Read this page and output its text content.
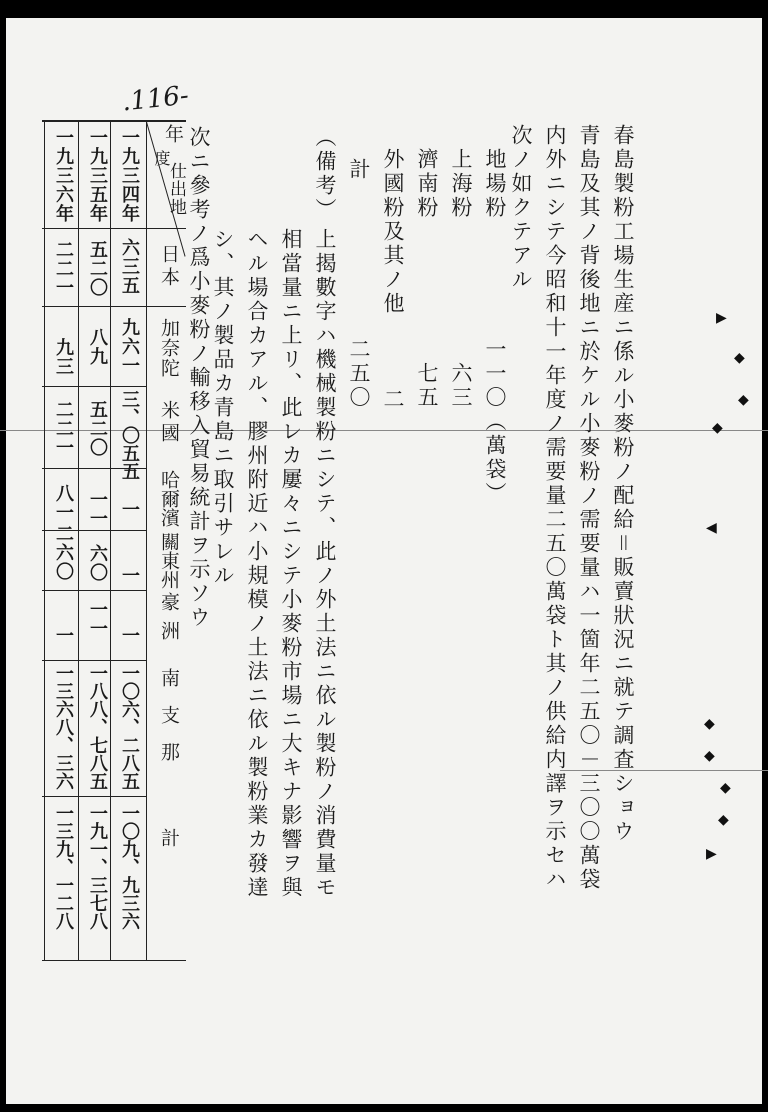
.116-
春島製粉工場生産ニ係ル小麥粉ノ配給＝販賣狀況ニ就テ調査ショウ
青島及其ノ背後地ニ於ケル小麥粉ノ需要量ハ一箇年二五〇－三〇〇萬袋
内外ニシテ今昭和十一年度ノ需要量二五〇萬袋ト其ノ供給内譯ヲ示セハ
次ノ如クテアル
地場粉
一一〇（萬袋）
上海粉
六三
濟南粉
七五
外國粉及其ノ他
二
計
二五〇
（備考）
上揭數字ハ機械製粉ニシテ、此ノ外土法ニ依ル製粉ノ消費量モ
相當量ニ上リ、此レカ屢々ニシテ小麥粉市場ニ大キナ影響ヲ與
ヘル場合カアル、膠州附近ハ小規模ノ土法ニ依ル製粉業カ發達
シ、其ノ製品カ青島ニ取引サレル
次ニ參考ノ爲小麥粉ノ輸移入貿易統計ヲ示ソウ
年
度
仕出地
日本
加奈陀
米國
哈爾濱
關東州
豪洲
南支那
計
一九三四年
六三五
九六一
三、〇五五
一
一
一
一〇六、二八五
一〇九、九三六
一九三五年
五二〇
八九
五二〇
一一
六〇
一一
一八八、七八五
一九一、三七八
一九三六年
二二一
九三
二二一
八一
二六〇
一
一三六八、三六
一三九、一二八
▶
◆
◆
◆
◀
◆
◆
◆
◆
▶
